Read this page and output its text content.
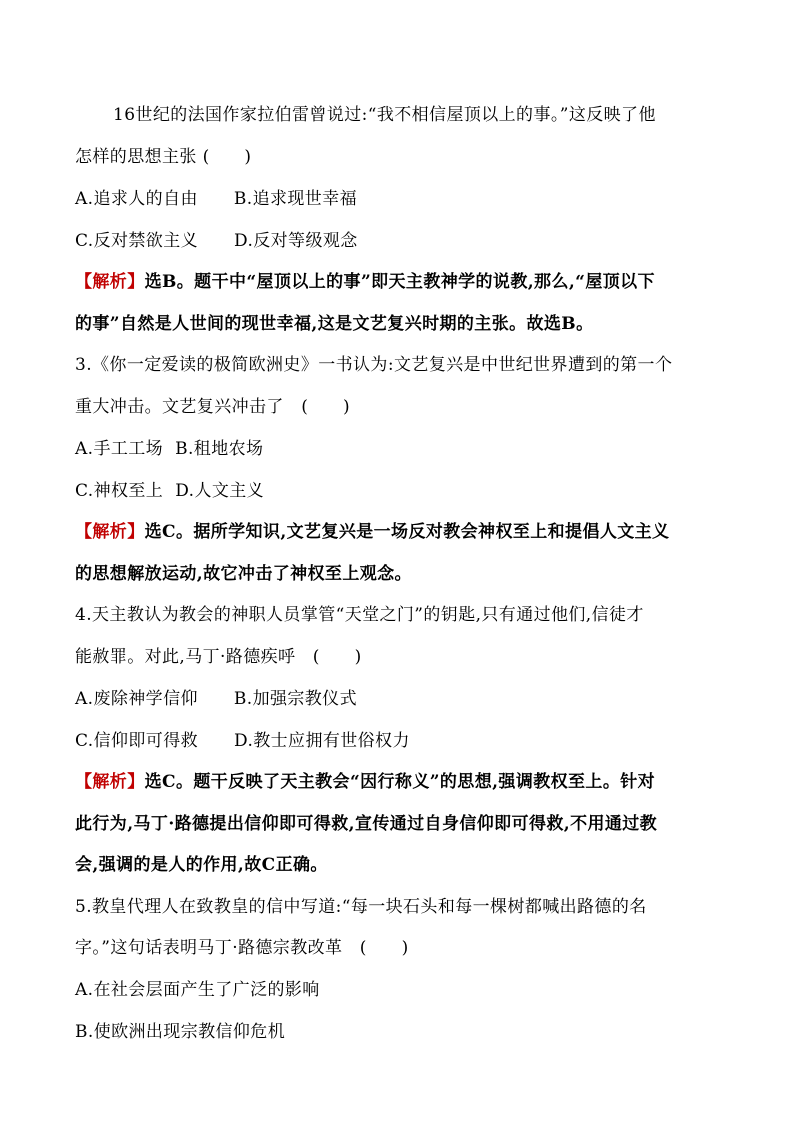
16世纪的法国作家拉伯雷曾说过:“我不相信屋顶以上的事。”这反映了他
怎样的思想主张 (　　)
A.追求人的自由 B.追求现世幸福
C.反对禁欲主义 D.反对等级观念
【解析】选B。题干中“屋顶以上的事”即天主教神学的说教,那么,“屋顶以下
的事”自然是人世间的现世幸福,这是文艺复兴时期的主张。故选B。
3.《你一定爱读的极简欧洲史》一书认为:文艺复兴是中世纪世界遭到的第一个
重大冲击。文艺复兴冲击了　(　　)
A.手工工场 B.租地农场
C.神权至上 D.人文主义
【解析】选C。据所学知识,文艺复兴是一场反对教会神权至上和提倡人文主义
的思想解放运动,故它冲击了神权至上观念。
4.天主教认为教会的神职人员掌管“天堂之门”的钥匙,只有通过他们,信徒才
能赦罪。对此,马丁·路德疾呼　(　　)
A.废除神学信仰 B.加强宗教仪式
C.信仰即可得救 D.教士应拥有世俗权力
【解析】选C。题干反映了天主教会“因行称义”的思想,强调教权至上。针对
此行为,马丁·路德提出信仰即可得救,宣传通过自身信仰即可得救,不用通过教
会,强调的是人的作用,故C正确。
5.教皇代理人在致教皇的信中写道:“每一块石头和每一棵树都喊出路德的名
字。”这句话表明马丁·路德宗教改革　(　　)
A.在社会层面产生了广泛的影响
B.使欧洲出现宗教信仰危机
